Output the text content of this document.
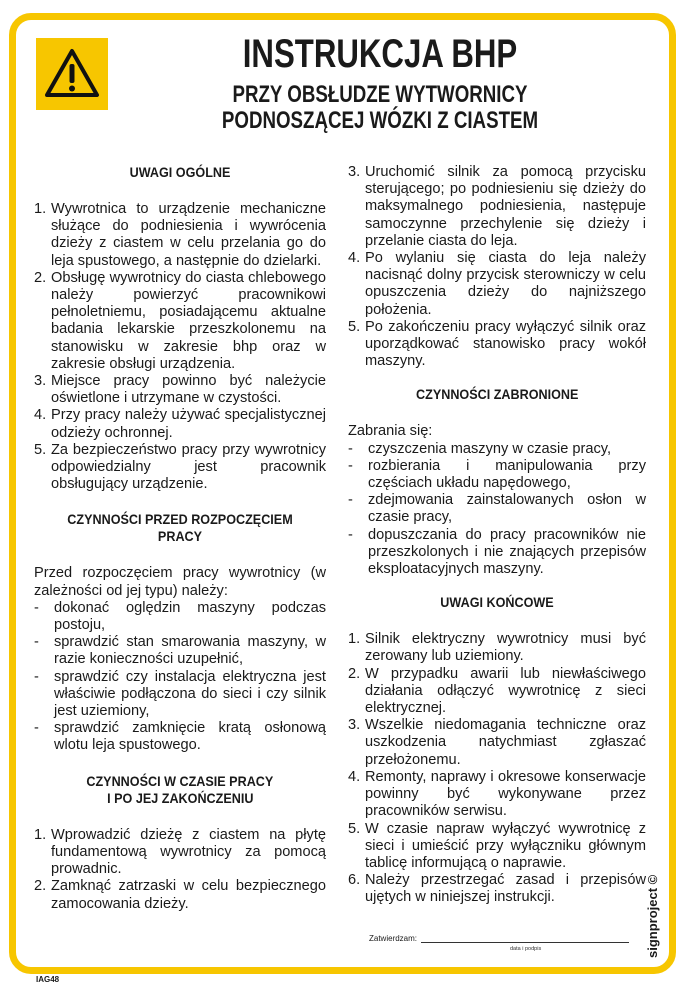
INSTRUKCJA BHP
PRZY OBSŁUDZE WYTWORNICY
PODNOSZĄCEJ WÓZKI Z CIASTEM
UWAGI OGÓLNE
1. Wywrotnica to urządzenie mechaniczne służące do podniesienia i wywrócenia dzieży z ciastem w celu przelania go do leja spustowego, a następnie do dzielarki.
2. Obsługę wywrotnicy do ciasta chlebowego należy powierzyć pracownikowi pełnoletniemu, posiadającemu aktualne badania lekarskie przeszkolonemu na stanowisku w zakresie bhp oraz w zakresie obsługi urządzenia.
3. Miejsce pracy powinno być należycie oświetlone i utrzymane w czystości.
4. Przy pracy należy używać specjalistycznej odzieży ochronnej.
5. Za bezpieczeństwo pracy przy wywrotnicy odpowiedzialny jest pracownik obsługujący urządzenie.
CZYNNOŚCI PRZED ROZPOCZĘCIEM PRACY

Przed rozpoczęciem pracy wywrotnicy (w zależności od jej typu) należy:

- dokonać oględzin maszyny podczas postoju,
- sprawdzić stan smarowania maszyny, w razie konieczności uzupełnić,
- sprawdzić czy instalacja elektryczna jest właściwie podłączona do sieci i czy silnik jest uziemiony,
- sprawdzić zamknięcie kratą osłonową wlotu leja spustowego.
CZYNNOŚCI W CZASIE PRACY
I PO JEJ ZAKOŃCZENIU
1. Wprowadzić dzieżę z ciastem na płytę fundamentową wywrotnicy za pomocą prowadnic.
2. Zamknąć zatrzaski w celu bezpiecznego zamocowania dzieży.
3. Uruchomić silnik za pomocą przycisku sterującego; po podniesieniu się dzieży do maksymalnego podniesienia, następuje samoczynne przechylenie się dzieży i przelanie ciasta do leja.
4. Po wylaniu się ciasta do leja należy nacisnąć dolny przycisk sterowniczy w celu opuszczenia dzieży do najniższego położenia.
5. Po zakończeniu pracy wyłączyć silnik oraz uporządkować stanowisko pracy wokół maszyny.
CZYNNOŚCI ZABRONIONE

Zabrania się:

- czyszczenia maszyny w czasie pracy,
- rozbierania i manipulowania przy częściach układu napędowego,
- zdejmowania zainstalowanych osłon w czasie pracy,
- dopuszczania do pracy pracowników nie przeszkolonych i nie znających przepisów eksploatacyjnych maszyny.
UWAGI KOŃCOWE
1. Silnik elektryczny wywrotnicy musi być zerowany lub uziemiony.
2. W przypadku awarii lub niewłaściwego działania odłączyć wywrotnicę z sieci elektrycznej.
3. Wszelkie niedomagania techniczne oraz uszkodzenia natychmiast zgłaszać przełożonemu.
4. Remonty, naprawy i okresowe konserwacje powinny być wykonywane przez pracowników serwisu.
5. W czasie napraw wyłączyć wywrotnicę z sieci i umieścić przy wyłączniku głównym tablicę informującą o naprawie.
6. Należy przestrzegać zasad i przepisów ujętych w niniejszej instrukcji.
Zatwierdzam:
data i podpis	signproject ©
IAG48
